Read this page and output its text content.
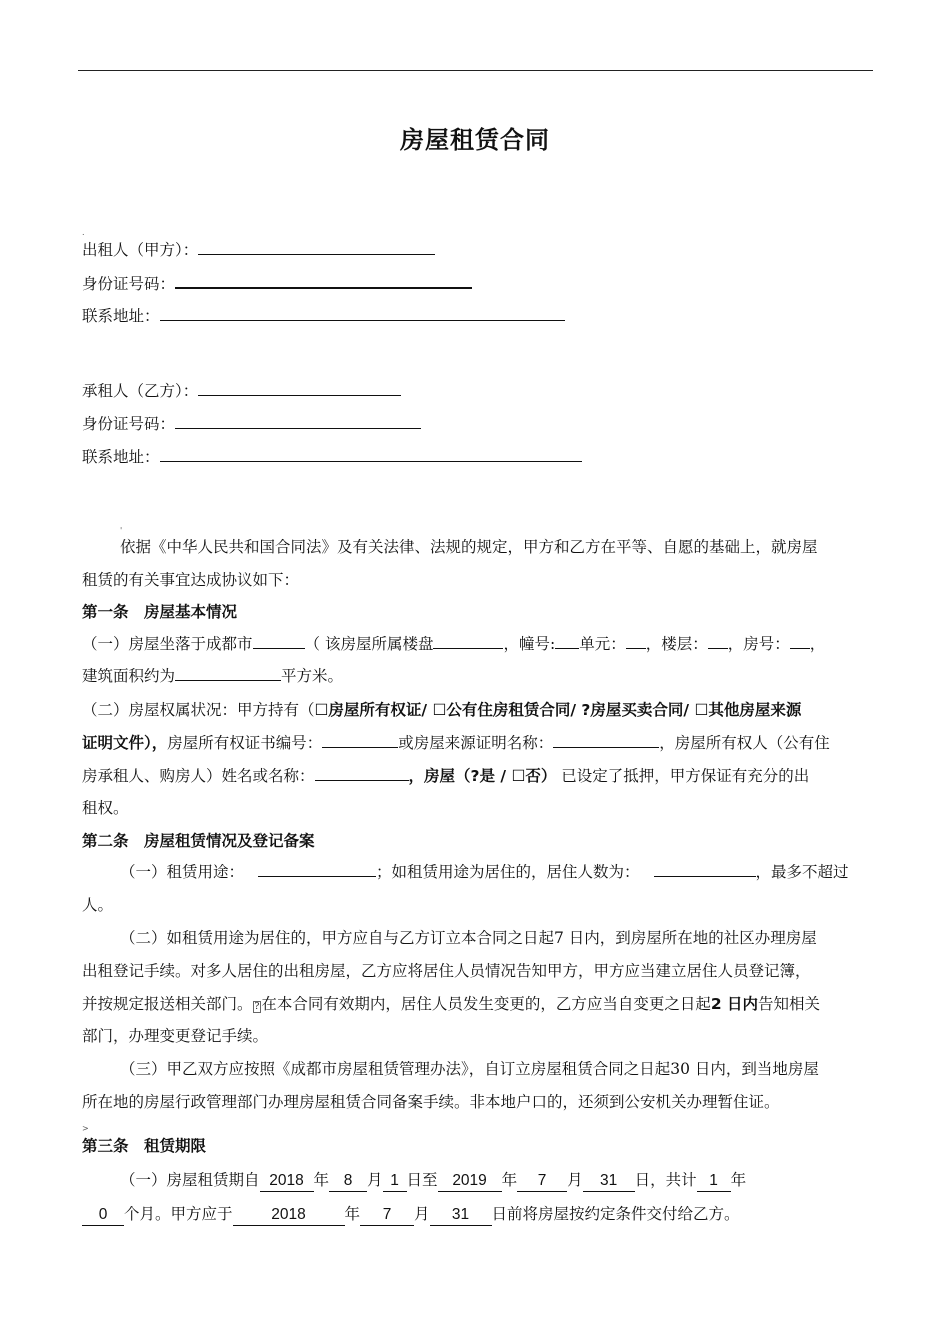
房屋租赁合同
.
出租人（甲方）：
身份证号码：
联系地址：
承租人（乙方）：
身份证号码：
联系地址：
'
依据《中华人民共和国合同法》及有关法律、法规的规定，甲方和乙方在平等、自愿的基础上，就房屋
租赁的有关事宜达成协议如下：
第一条　房屋基本情况
（一）房屋坐落于成都市	（ 该房屋所属楼盘	，幢号: 单元： ，楼层： ，房号： ，
建筑面积约为	平方米。
（二）房屋权属状况：甲方持有（☐房屋所有权证/ ☐公有住房租赁合同/ ?房屋买卖合同/ ☐其他房屋来源
证明文件），房屋所有权证书编号：	或房屋来源证明名称：	，房屋所有权人（公有住
房承租人、购房人）姓名或名称：	，房屋（?是 / ☐否） 已设定了抵押，甲方保证有充分的出
租权。
第二条　房屋租赁情况及登记备案
（一）租赁用途：	；如租赁用途为居住的，居住人数为：	，最多不超过
人。
（二）如租赁用途为居住的，甲方应自与乙方订立本合同之日起7 日内，到房屋所在地的社区办理房屋
出租登记手续。对多人居住的出租房屋，乙方应将居住人员情况告知甲方，甲方应当建立居住人员登记簿，
并按规定报送相关部门。 ? 在本合同有效期内，居住人员发生变更的，乙方应当自变更之日起2 日内告知相关
部门，办理变更登记手续。
（三）甲乙双方应按照《成都市房屋租赁管理办法》，自订立房屋租赁合同之日起30 日内，到当地房屋
所在地的房屋行政管理部门办理房屋租赁合同备案手续。非本地户口的，还须到公安机关办理暂住证。
>
第三条　租赁期限
（一）房屋租赁期自 2018 年 8 月 1 日至 2019 年 7 月 31 日，共计 1 年
0 个月。甲方应于	2018	年 7 月 31 日前将房屋按约定条件交付给乙方。
